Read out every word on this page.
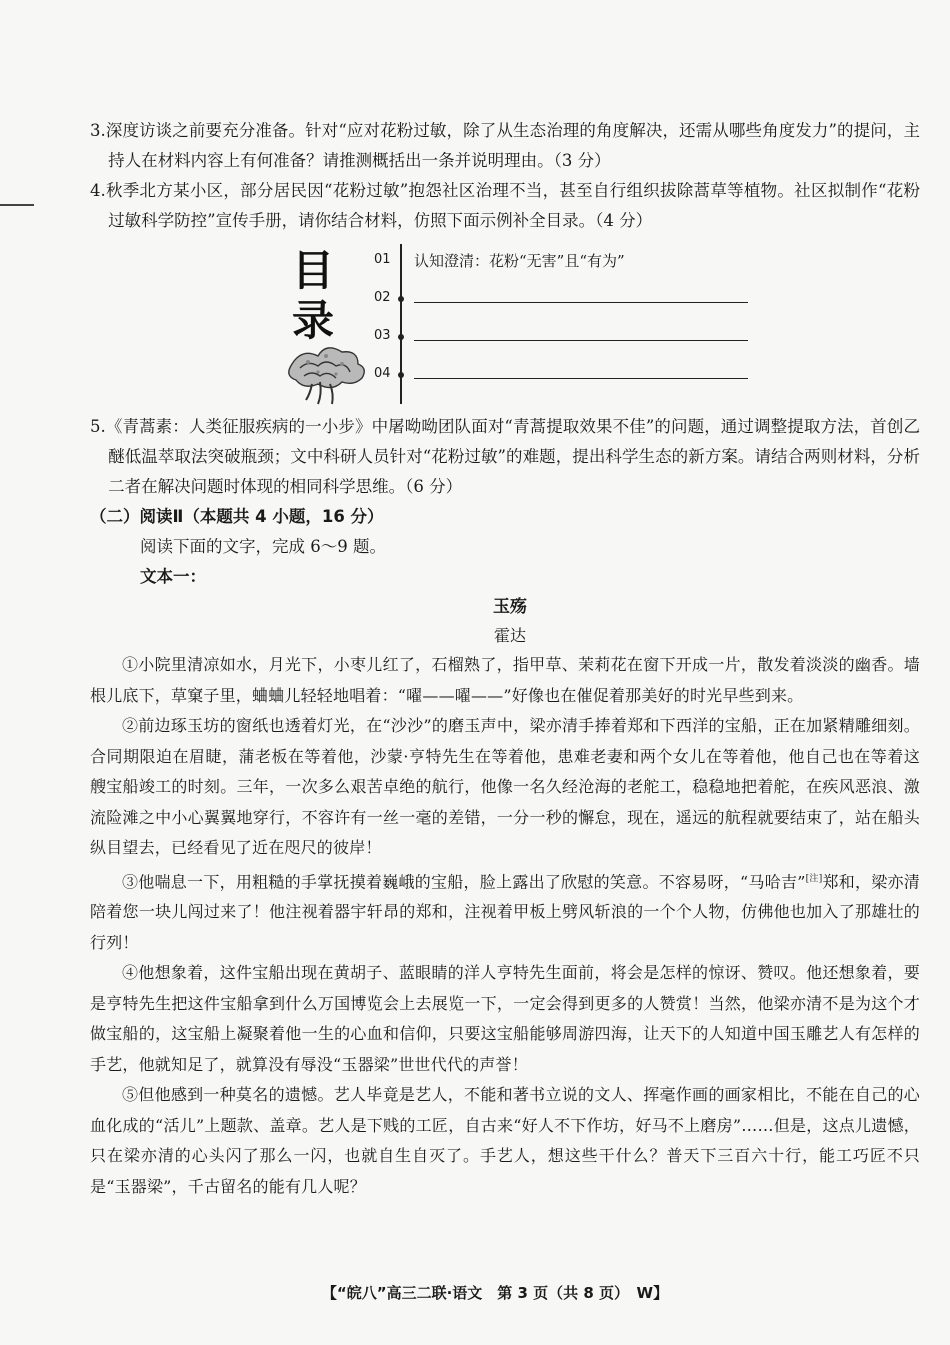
3.深度访谈之前要充分准备。针对“应对花粉过敏，除了从生态治理的角度解决，还需从哪些角度发力”的提问，主持人在材料内容上有何准备？请推测概括出一条并说明理由。（3 分）

4.秋季北方某小区，部分居民因“花粉过敏”抱怨社区治理不当，甚至自行组织拔除蒿草等植物。社区拟制作“花粉过敏科学防控”宣传手册，请你结合材料，仿照下面示例补全目录。（4 分）

目
录
01	认知澄清：花粉“无害”且“有为”
02
03
04

5.《青蒿素：人类征服疾病的一小步》中屠呦呦团队面对“青蒿提取效果不佳”的问题，通过调整提取方法，首创乙醚低温萃取法突破瓶颈；文中科研人员针对“花粉过敏”的难题，提出科学生态的新方案。请结合两则材料，分析二者在解决问题时体现的相同科学思维。（6 分）

（二）阅读Ⅱ（本题共 4 小题，16 分）

阅读下面的文字，完成 6～9 题。

文本一：

玉殇

霍达

①小院里清凉如水，月光下，小枣儿红了，石榴熟了，指甲草、茉莉花在窗下开成一片，散发着淡淡的幽香。墙根儿底下，草窠子里，蛐蛐儿轻轻地唱着：“嚁——嚁——”好像也在催促着那美好的时光早些到来。

②前边琢玉坊的窗纸也透着灯光，在“沙沙”的磨玉声中，梁亦清手捧着郑和下西洋的宝船，正在加紧精雕细刻。合同期限迫在眉睫，蒲老板在等着他，沙蒙·亨特先生在等着他，患难老妻和两个女儿在等着他，他自己也在等着这艘宝船竣工的时刻。三年，一次多么艰苦卓绝的航行，他像一名久经沧海的老舵工，稳稳地把着舵，在疾风恶浪、激流险滩之中小心翼翼地穿行，不容许有一丝一毫的差错，一分一秒的懈怠，现在，遥远的航程就要结束了，站在船头纵目望去，已经看见了近在咫尺的彼岸！

③他喘息一下，用粗糙的手掌抚摸着巍峨的宝船，脸上露出了欣慰的笑意。不容易呀，“马哈吉”[注]郑和，梁亦清陪着您一块儿闯过来了！他注视着器宇轩昂的郑和，注视着甲板上劈风斩浪的一个个人物，仿佛他也加入了那雄壮的行列！

④他想象着，这件宝船出现在黄胡子、蓝眼睛的洋人亨特先生面前，将会是怎样的惊讶、赞叹。他还想象着，要是亨特先生把这件宝船拿到什么万国博览会上去展览一下，一定会得到更多的人赞赏！当然，他梁亦清不是为这个才做宝船的，这宝船上凝聚着他一生的心血和信仰，只要这宝船能够周游四海，让天下的人知道中国玉雕艺人有怎样的手艺，他就知足了，就算没有辱没“玉器梁”世世代代的声誉！

⑤但他感到一种莫名的遗憾。艺人毕竟是艺人，不能和著书立说的文人、挥毫作画的画家相比，不能在自己的心血化成的“活儿”上题款、盖章。艺人是下贱的工匠，自古来“好人不下作坊，好马不上磨房”……但是，这点儿遗憾，只在梁亦清的心头闪了那么一闪，也就自生自灭了。手艺人，想这些干什么？普天下三百六十行，能工巧匠不只是“玉器梁”，千古留名的能有几人呢？

【“皖八”高三二联·语文　第 3 页（共 8 页）　W】
